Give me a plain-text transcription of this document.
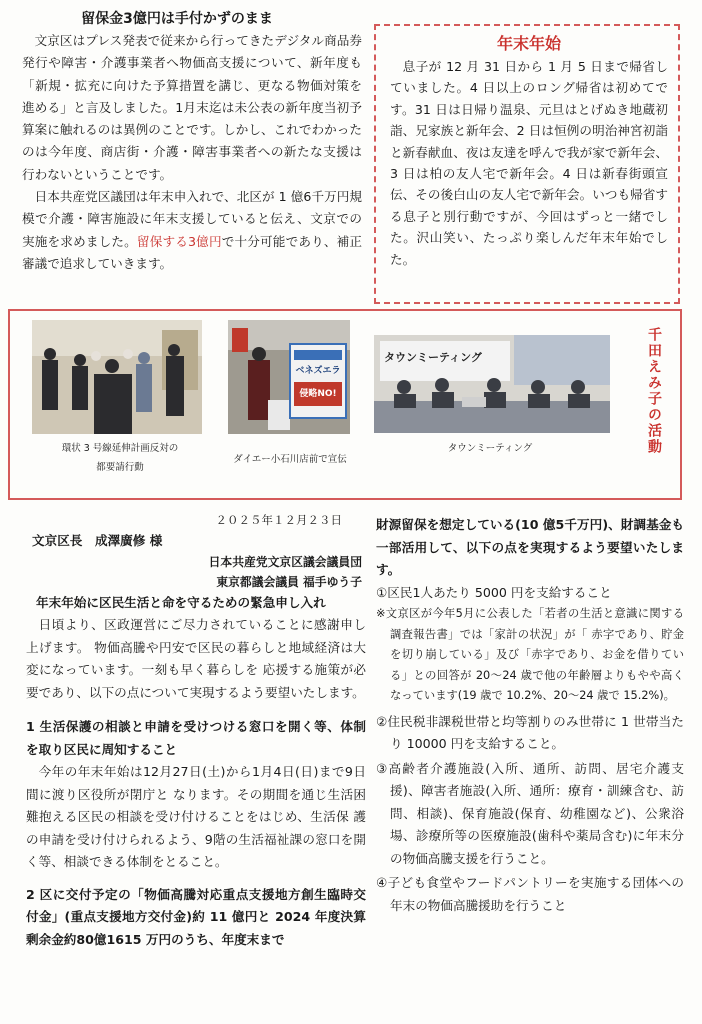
留保金3億円は手付かずのまま

文京区はプレス発表で従来から行ってきたデジタル商品券発行や障害・介護事業者へ物価高支援について、新年度も「新規・拡充に向けた予算措置を講じ、更なる物価対策を進める」と言及しました。1月末迄は未公表の新年度当初予算案に触れるのは異例のことです。しかし、これでわかったのは今年度、商店街・介護・障害事業者への新たな支援は行わないということです。

日本共産党区議団は年末申入れで、北区が 1 億6千万円規模で介護・障害施設に年末支援していると伝え、文京での実施を求めました。留保する3億円で十分可能であり、補正審議で追求していきます。

年末年始

息子が 12 月 31 日から 1 月 5 日まで帰省していました。4 日以上のロング帰省は初めてです。31 日は日帰り温泉、元旦はとげぬき地蔵初詣、兄家族と新年会、2 日は恒例の明治神宮初詣と新春献血、夜は友達を呼んで我が家で新年会、3 日は柏の友人宅で新年会。4 日は新春街頭宣伝、その後白山の友人宅で新年会。いつも帰省する息子と別行動ですが、今回はずっと一緒でした。沢山笑い、たっぷり楽しんだ年末年始でした。

環状 3 号線延伸計画反対の
都要請行動
ベネズエラ
侵略NO!
ダイエー小石川店前で宣伝
タウンミーティング
タウンミーティング	千田えみ子の活動
２０２５年１２月２３日
文京区長　成澤廣修 様
日本共産党文京区議会議員団
東京都議会議員 福手ゆう子
年末年始に区民生活と命を守るための緊急申し入れ

日頃より、区政運営にご尽力されていることに感謝申し上げます。 物価高騰や円安で区民の暮らしと地域経済は大変になっています。一刻も早く暮らしを 応援する施策が必要であり、以下の点について実現するよう要望いたします。

1 生活保護の相談と申請を受けつける窓口を開く等、体制を取り区民に周知すること

今年の年末年始は12月27日(土)から1月4日(日)まで9日間に渡り区役所が閉庁と なります。その期間を通じ生活困難抱える区民の相談を受け付けることをはじめ、生活保 護の申請を受け付けられるよう、9階の生活福祉課の窓口を開く等、相談できる体制をとること。

2 区に交付予定の「物価高騰対応重点支援地方創生臨時交付金」(重点支援地方交付金)約 11 億円と 2024 年度決算剰余金約80億1615 万円のうち、年度末まで

財源留保を想定している(10 億5千万円)、財調基金も一部活用して、以下の点を実現するよう要望いたします。

①区民1人あたり 5000 円を支給すること

※文京区が今年5月に公表した「若者の生活と意識に関する調査報告書」では「家計の状況」が「 赤字であり、貯金を切り崩している」及び「赤字であり、お金を借りている」との回答が 20～24 歳で他の年齢層よりもやや高くなっています(19 歳で 10.2%、20～24 歳で 15.2%)。

②住民税非課税世帯と均等割りのみ世帯に 1 世帯当たり 10000 円を支給すること。

③高齢者介護施設(入所、通所、訪問、居宅介護支援)、障害者施設(入所、通所：療育・訓練含む、訪問、相談)、保育施設(保育、幼稚園など)、公衆浴場、診療所等の医療施設(歯科や薬局含む)に年末分の物価高騰支援を行うこと。

④子ども食堂やフードパントリーを実施する団体への年末の物価高騰援助を行うこと
